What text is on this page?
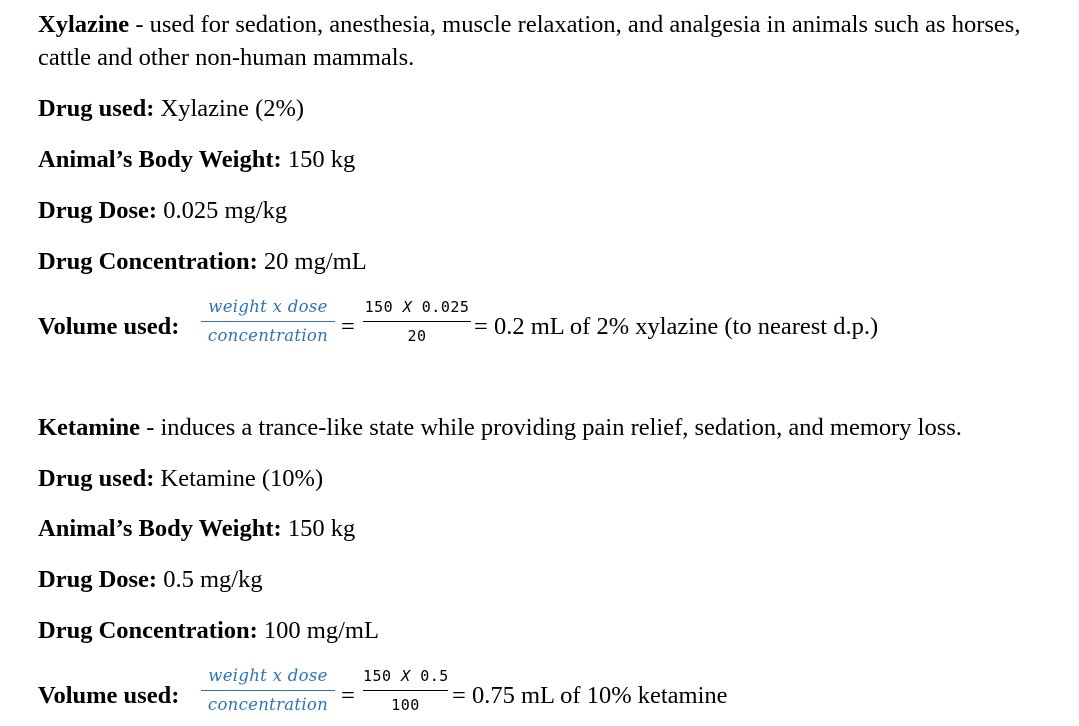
Xylazine - used for sedation, anesthesia, muscle relaxation, and analgesia in animals such as horses, cattle and other non-human mammals.
Drug used: Xylazine (2%)
Animal’s Body Weight: 150 kg
Drug Dose: 0.025 mg/kg
Drug Concentration: 20 mg/mL
Volume used:
weight x dose
concentration =
150 X 0.025
20	= 0.2 mL of 2% xylazine (to nearest d.p.)
Ketamine - induces a trance-like state while providing pain relief, sedation, and memory loss.
Drug used: Ketamine (10%)
Animal’s Body Weight: 150 kg
Drug Dose: 0.5 mg/kg
Drug Concentration: 100 mg/mL
Volume used:
weight x dose
concentration =
150 X 0.5
100	= 0.75 mL of 10% ketamine
